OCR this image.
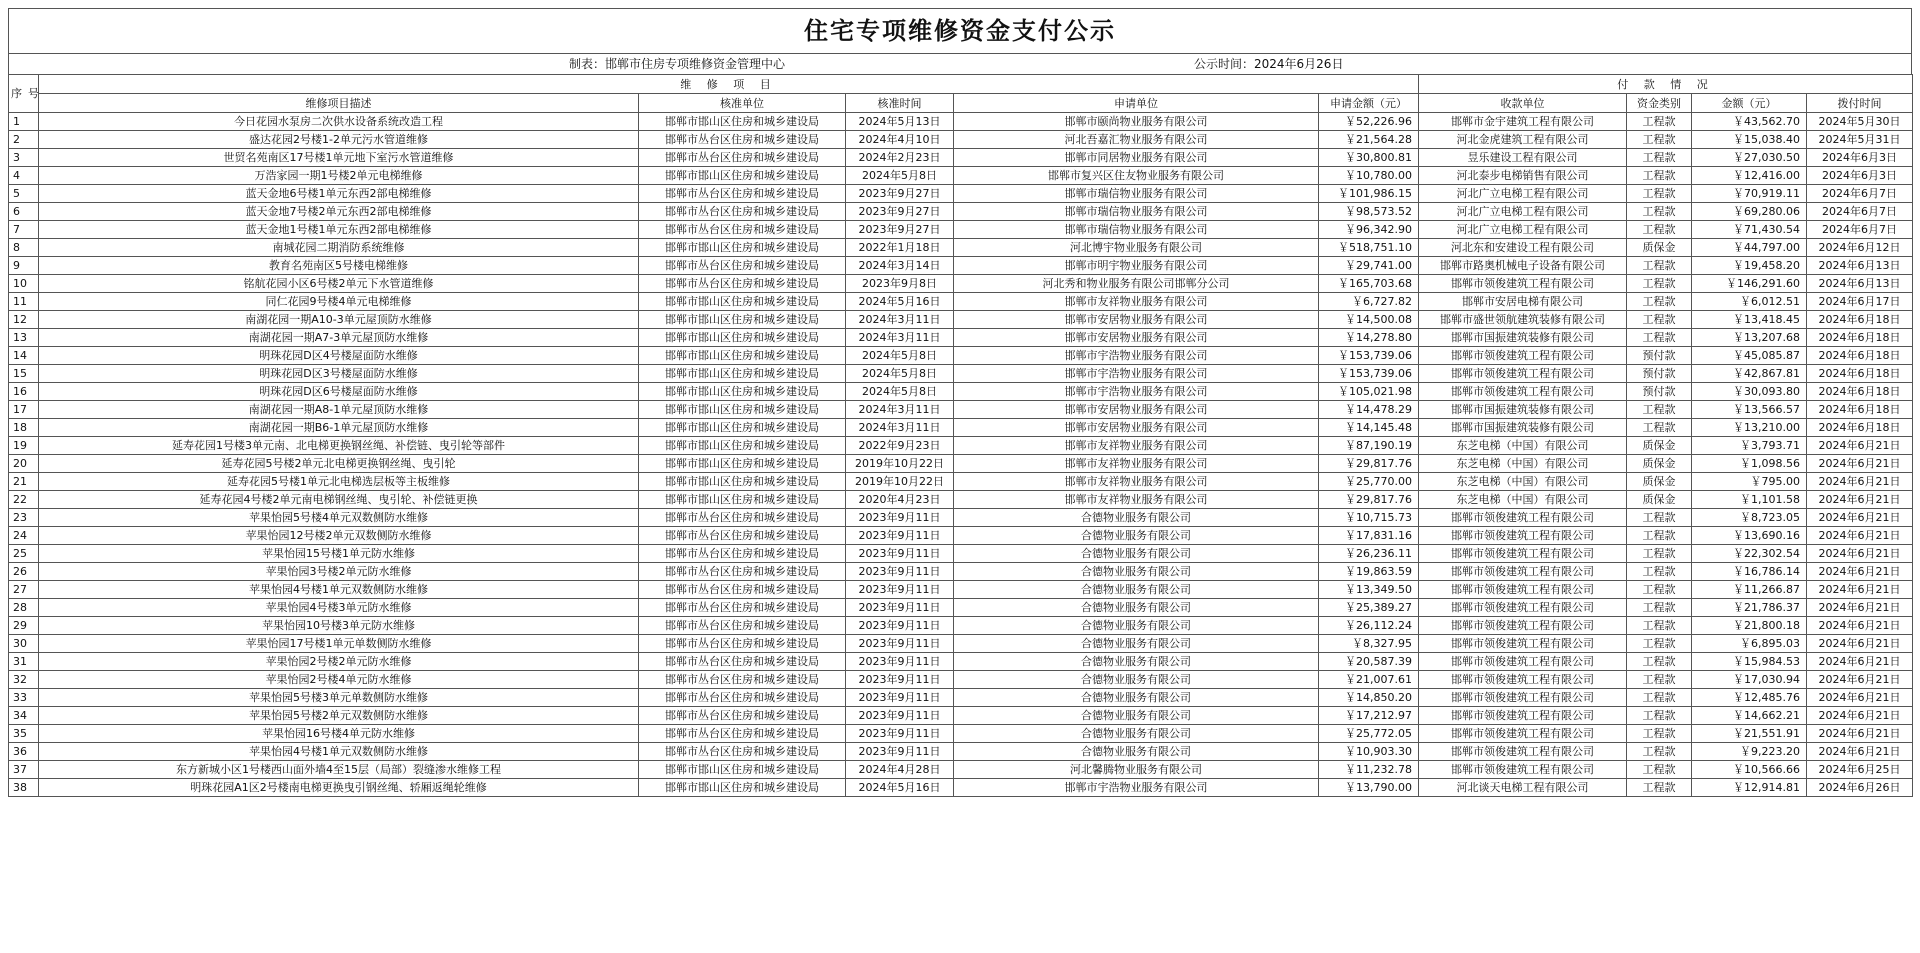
住宅专项维修资金支付公示
制表：邯郸市住房专项维修资金管理中心	公示时间：2024年6月26日
序号	维 修 项 目					付 款 情 况			
	维修项目描述	核准单位	核准时间	申请单位	申请金额（元）	收款单位	资金类别	金额（元）	拨付时间
1	今日花园水泵房二次供水设备系统改造工程	邯郸市邯山区住房和城乡建设局	2024年5月13日	邯郸市颐尚物业服务有限公司	￥52,226.96	邯郸市金宇建筑工程有限公司	工程款	￥43,562.70	2024年5月30日
2	盛达花园2号楼1-2单元污水管道维修	邯郸市丛台区住房和城乡建设局	2024年4月10日	河北吾嘉汇物业服务有限公司	￥21,564.28	河北金虎建筑工程有限公司	工程款	￥15,038.40	2024年5月31日
3	世贸名苑南区17号楼1单元地下室污水管道维修	邯郸市丛台区住房和城乡建设局	2024年2月23日	邯郸市同居物业服务有限公司	￥30,800.81	昱乐建设工程有限公司	工程款	￥27,030.50	2024年6月3日
4	万浩家园一期1号楼2单元电梯维修	邯郸市邯山区住房和城乡建设局	2024年5月8日	邯郸市复兴区住友物业服务有限公司	￥10,780.00	河北泰步电梯销售有限公司	工程款	￥12,416.00	2024年6月3日
5	蓝天金地6号楼1单元东西2部电梯维修	邯郸市丛台区住房和城乡建设局	2023年9月27日	邯郸市瑞信物业服务有限公司	￥101,986.15	河北广立电梯工程有限公司	工程款	￥70,919.11	2024年6月7日
6	蓝天金地7号楼2单元东西2部电梯维修	邯郸市丛台区住房和城乡建设局	2023年9月27日	邯郸市瑞信物业服务有限公司	￥98,573.52	河北广立电梯工程有限公司	工程款	￥69,280.06	2024年6月7日
7	蓝天金地1号楼1单元东西2部电梯维修	邯郸市丛台区住房和城乡建设局	2023年9月27日	邯郸市瑞信物业服务有限公司	￥96,342.90	河北广立电梯工程有限公司	工程款	￥71,430.54	2024年6月7日
8	南城花园二期消防系统维修	邯郸市邯山区住房和城乡建设局	2022年1月18日	河北博宇物业服务有限公司	￥518,751.10	河北东和安建设工程有限公司	质保金	￥44,797.00	2024年6月12日
9	教育名苑南区5号楼电梯维修	邯郸市丛台区住房和城乡建设局	2024年3月14日	邯郸市明宇物业服务有限公司	￥29,741.00	邯郸市路奥机械电子设备有限公司	工程款	￥19,458.20	2024年6月13日
10	铭航花园小区6号楼2单元下水管道维修	邯郸市丛台区住房和城乡建设局	2023年9月8日	河北秀和物业服务有限公司邯郸分公司	￥165,703.68	邯郸市领俊建筑工程有限公司	工程款	￥146,291.60	2024年6月13日
11	同仁花园9号楼4单元电梯维修	邯郸市邯山区住房和城乡建设局	2024年5月16日	邯郸市友祥物业服务有限公司	￥6,727.82	邯郸市安居电梯有限公司	工程款	￥6,012.51	2024年6月17日
12	南湖花园一期A10-3单元屋顶防水维修	邯郸市邯山区住房和城乡建设局	2024年3月11日	邯郸市安居物业服务有限公司	￥14,500.08	邯郸市盛世领航建筑装修有限公司	工程款	￥13,418.45	2024年6月18日
13	南湖花园一期A7-3单元屋顶防水维修	邯郸市邯山区住房和城乡建设局	2024年3月11日	邯郸市安居物业服务有限公司	￥14,278.80	邯郸市国振建筑装修有限公司	工程款	￥13,207.68	2024年6月18日
14	明珠花园D区4号楼屋面防水维修	邯郸市邯山区住房和城乡建设局	2024年5月8日	邯郸市宇浩物业服务有限公司	￥153,739.06	邯郸市领俊建筑工程有限公司	预付款	￥45,085.87	2024年6月18日
15	明珠花园D区3号楼屋面防水维修	邯郸市邯山区住房和城乡建设局	2024年5月8日	邯郸市宇浩物业服务有限公司	￥153,739.06	邯郸市领俊建筑工程有限公司	预付款	￥42,867.81	2024年6月18日
16	明珠花园D区6号楼屋面防水维修	邯郸市邯山区住房和城乡建设局	2024年5月8日	邯郸市宇浩物业服务有限公司	￥105,021.98	邯郸市领俊建筑工程有限公司	预付款	￥30,093.80	2024年6月18日
17	南湖花园一期A8-1单元屋顶防水维修	邯郸市邯山区住房和城乡建设局	2024年3月11日	邯郸市安居物业服务有限公司	￥14,478.29	邯郸市国振建筑装修有限公司	工程款	￥13,566.57	2024年6月18日
18	南湖花园一期B6-1单元屋顶防水维修	邯郸市邯山区住房和城乡建设局	2024年3月11日	邯郸市安居物业服务有限公司	￥14,145.48	邯郸市国振建筑装修有限公司	工程款	￥13,210.00	2024年6月18日
19	延寿花园1号楼3单元南、北电梯更换钢丝绳、补偿链、曳引轮等部件	邯郸市邯山区住房和城乡建设局	2022年9月23日	邯郸市友祥物业服务有限公司	￥87,190.19	东芝电梯（中国）有限公司	质保金	￥3,793.71	2024年6月21日
20	延寿花园5号楼2单元北电梯更换钢丝绳、曳引轮	邯郸市邯山区住房和城乡建设局	2019年10月22日	邯郸市友祥物业服务有限公司	￥29,817.76	东芝电梯（中国）有限公司	质保金	￥1,098.56	2024年6月21日
21	延寿花园5号楼1单元北电梯选层板等主板维修	邯郸市邯山区住房和城乡建设局	2019年10月22日	邯郸市友祥物业服务有限公司	￥25,770.00	东芝电梯（中国）有限公司	质保金	￥795.00	2024年6月21日
22	延寿花园4号楼2单元南电梯钢丝绳、曳引轮、补偿链更换	邯郸市邯山区住房和城乡建设局	2020年4月23日	邯郸市友祥物业服务有限公司	￥29,817.76	东芝电梯（中国）有限公司	质保金	￥1,101.58	2024年6月21日
23	苹果怡园5号楼4单元双数侧防水维修	邯郸市丛台区住房和城乡建设局	2023年9月11日	合德物业服务有限公司	￥10,715.73	邯郸市领俊建筑工程有限公司	工程款	￥8,723.05	2024年6月21日
24	苹果怡园12号楼2单元双数侧防水维修	邯郸市丛台区住房和城乡建设局	2023年9月11日	合德物业服务有限公司	￥17,831.16	邯郸市领俊建筑工程有限公司	工程款	￥13,690.16	2024年6月21日
25	苹果怡园15号楼1单元防水维修	邯郸市丛台区住房和城乡建设局	2023年9月11日	合德物业服务有限公司	￥26,236.11	邯郸市领俊建筑工程有限公司	工程款	￥22,302.54	2024年6月21日
26	苹果怡园3号楼2单元防水维修	邯郸市丛台区住房和城乡建设局	2023年9月11日	合德物业服务有限公司	￥19,863.59	邯郸市领俊建筑工程有限公司	工程款	￥16,786.14	2024年6月21日
27	苹果怡园4号楼1单元双数侧防水维修	邯郸市丛台区住房和城乡建设局	2023年9月11日	合德物业服务有限公司	￥13,349.50	邯郸市领俊建筑工程有限公司	工程款	￥11,266.87	2024年6月21日
28	苹果怡园4号楼3单元防水维修	邯郸市丛台区住房和城乡建设局	2023年9月11日	合德物业服务有限公司	￥25,389.27	邯郸市领俊建筑工程有限公司	工程款	￥21,786.37	2024年6月21日
29	苹果怡园10号楼3单元防水维修	邯郸市丛台区住房和城乡建设局	2023年9月11日	合德物业服务有限公司	￥26,112.24	邯郸市领俊建筑工程有限公司	工程款	￥21,800.18	2024年6月21日
30	苹果怡园17号楼1单元单数侧防水维修	邯郸市丛台区住房和城乡建设局	2023年9月11日	合德物业服务有限公司	￥8,327.95	邯郸市领俊建筑工程有限公司	工程款	￥6,895.03	2024年6月21日
31	苹果怡园2号楼2单元防水维修	邯郸市丛台区住房和城乡建设局	2023年9月11日	合德物业服务有限公司	￥20,587.39	邯郸市领俊建筑工程有限公司	工程款	￥15,984.53	2024年6月21日
32	苹果怡园2号楼4单元防水维修	邯郸市丛台区住房和城乡建设局	2023年9月11日	合德物业服务有限公司	￥21,007.61	邯郸市领俊建筑工程有限公司	工程款	￥17,030.94	2024年6月21日
33	苹果怡园5号楼3单元单数侧防水维修	邯郸市丛台区住房和城乡建设局	2023年9月11日	合德物业服务有限公司	￥14,850.20	邯郸市领俊建筑工程有限公司	工程款	￥12,485.76	2024年6月21日
34	苹果怡园5号楼2单元双数侧防水维修	邯郸市丛台区住房和城乡建设局	2023年9月11日	合德物业服务有限公司	￥17,212.97	邯郸市领俊建筑工程有限公司	工程款	￥14,662.21	2024年6月21日
35	苹果怡园16号楼4单元防水维修	邯郸市丛台区住房和城乡建设局	2023年9月11日	合德物业服务有限公司	￥25,772.05	邯郸市领俊建筑工程有限公司	工程款	￥21,551.91	2024年6月21日
36	苹果怡园4号楼1单元双数侧防水维修	邯郸市丛台区住房和城乡建设局	2023年9月11日	合德物业服务有限公司	￥10,903.30	邯郸市领俊建筑工程有限公司	工程款	￥9,223.20	2024年6月21日
37	东方新城小区1号楼西山面外墙4至15层（局部）裂缝渗水维修工程	邯郸市邯山区住房和城乡建设局	2024年4月28日	河北馨腾物业服务有限公司	￥11,232.78	邯郸市领俊建筑工程有限公司	工程款	￥10,566.66	2024年6月25日
38	明珠花园A1区2号楼南电梯更换曳引钢丝绳、轿厢返绳轮维修	邯郸市邯山区住房和城乡建设局	2024年5月16日	邯郸市宇浩物业服务有限公司	￥13,790.00	河北谈天电梯工程有限公司	工程款	￥12,914.81	2024年6月26日
